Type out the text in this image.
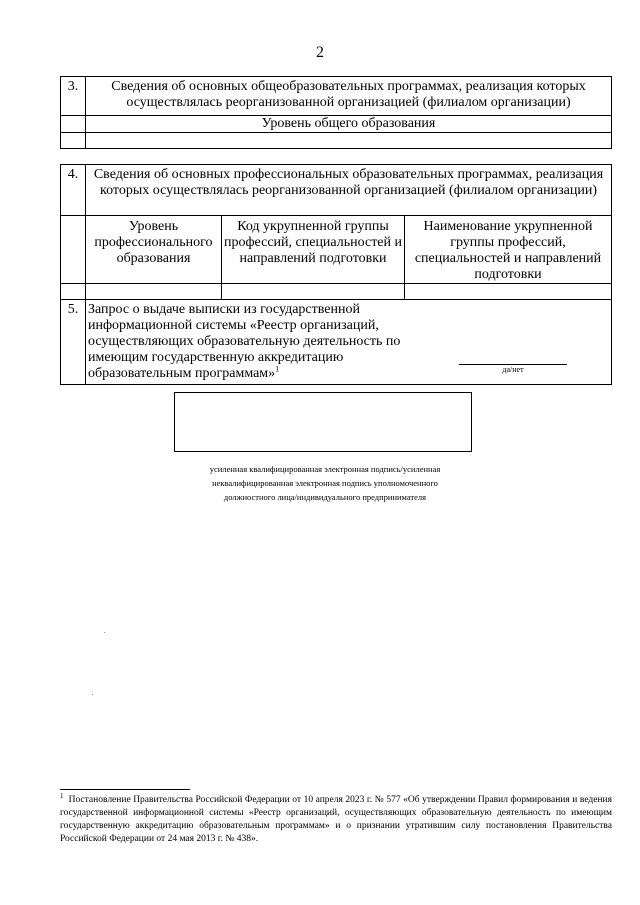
2
3.	Сведения об основных общеобразовательных программах, реализация которых осуществлялась реорганизованной организацией (филиалом организации)		
	Уровень общего образования		

4.	Сведения об основных профессиональных образовательных программах, реализация которых осуществлялась реорганизованной организацией (филиалом организации)		
	Уровень профессионального образования	Код укрупненной группы профессий, специальностей и направлений подготовки	Наименование укрупненной группы профессий, специальностей и направлений подготовки

5.	Запрос о выдаче выписки из государственной информационной системы «Реестр организаций, осуществляющих образовательную деятельность по имеющим государственную аккредитацию образовательным программам»$^1$ да/нет		
усиленная квалифицированная электронная подпись/усиленная
неквалифицированная электронная подпись уполномоченного
должностного лица/индивидуального предпринимателя
$^1$ Постановление Правительства Российской Федерации от 10 апреля 2023 г. № 577 «Об утверждении Правил формирования и ведения государственной информационной системы «Реестр организаций, осуществляющих образовательную деятельность по имеющим государственную аккредитацию образовательным программам» и о признании утратившим силу постановления Правительства Российской Федерации от 24 мая 2013 г. № 438».
